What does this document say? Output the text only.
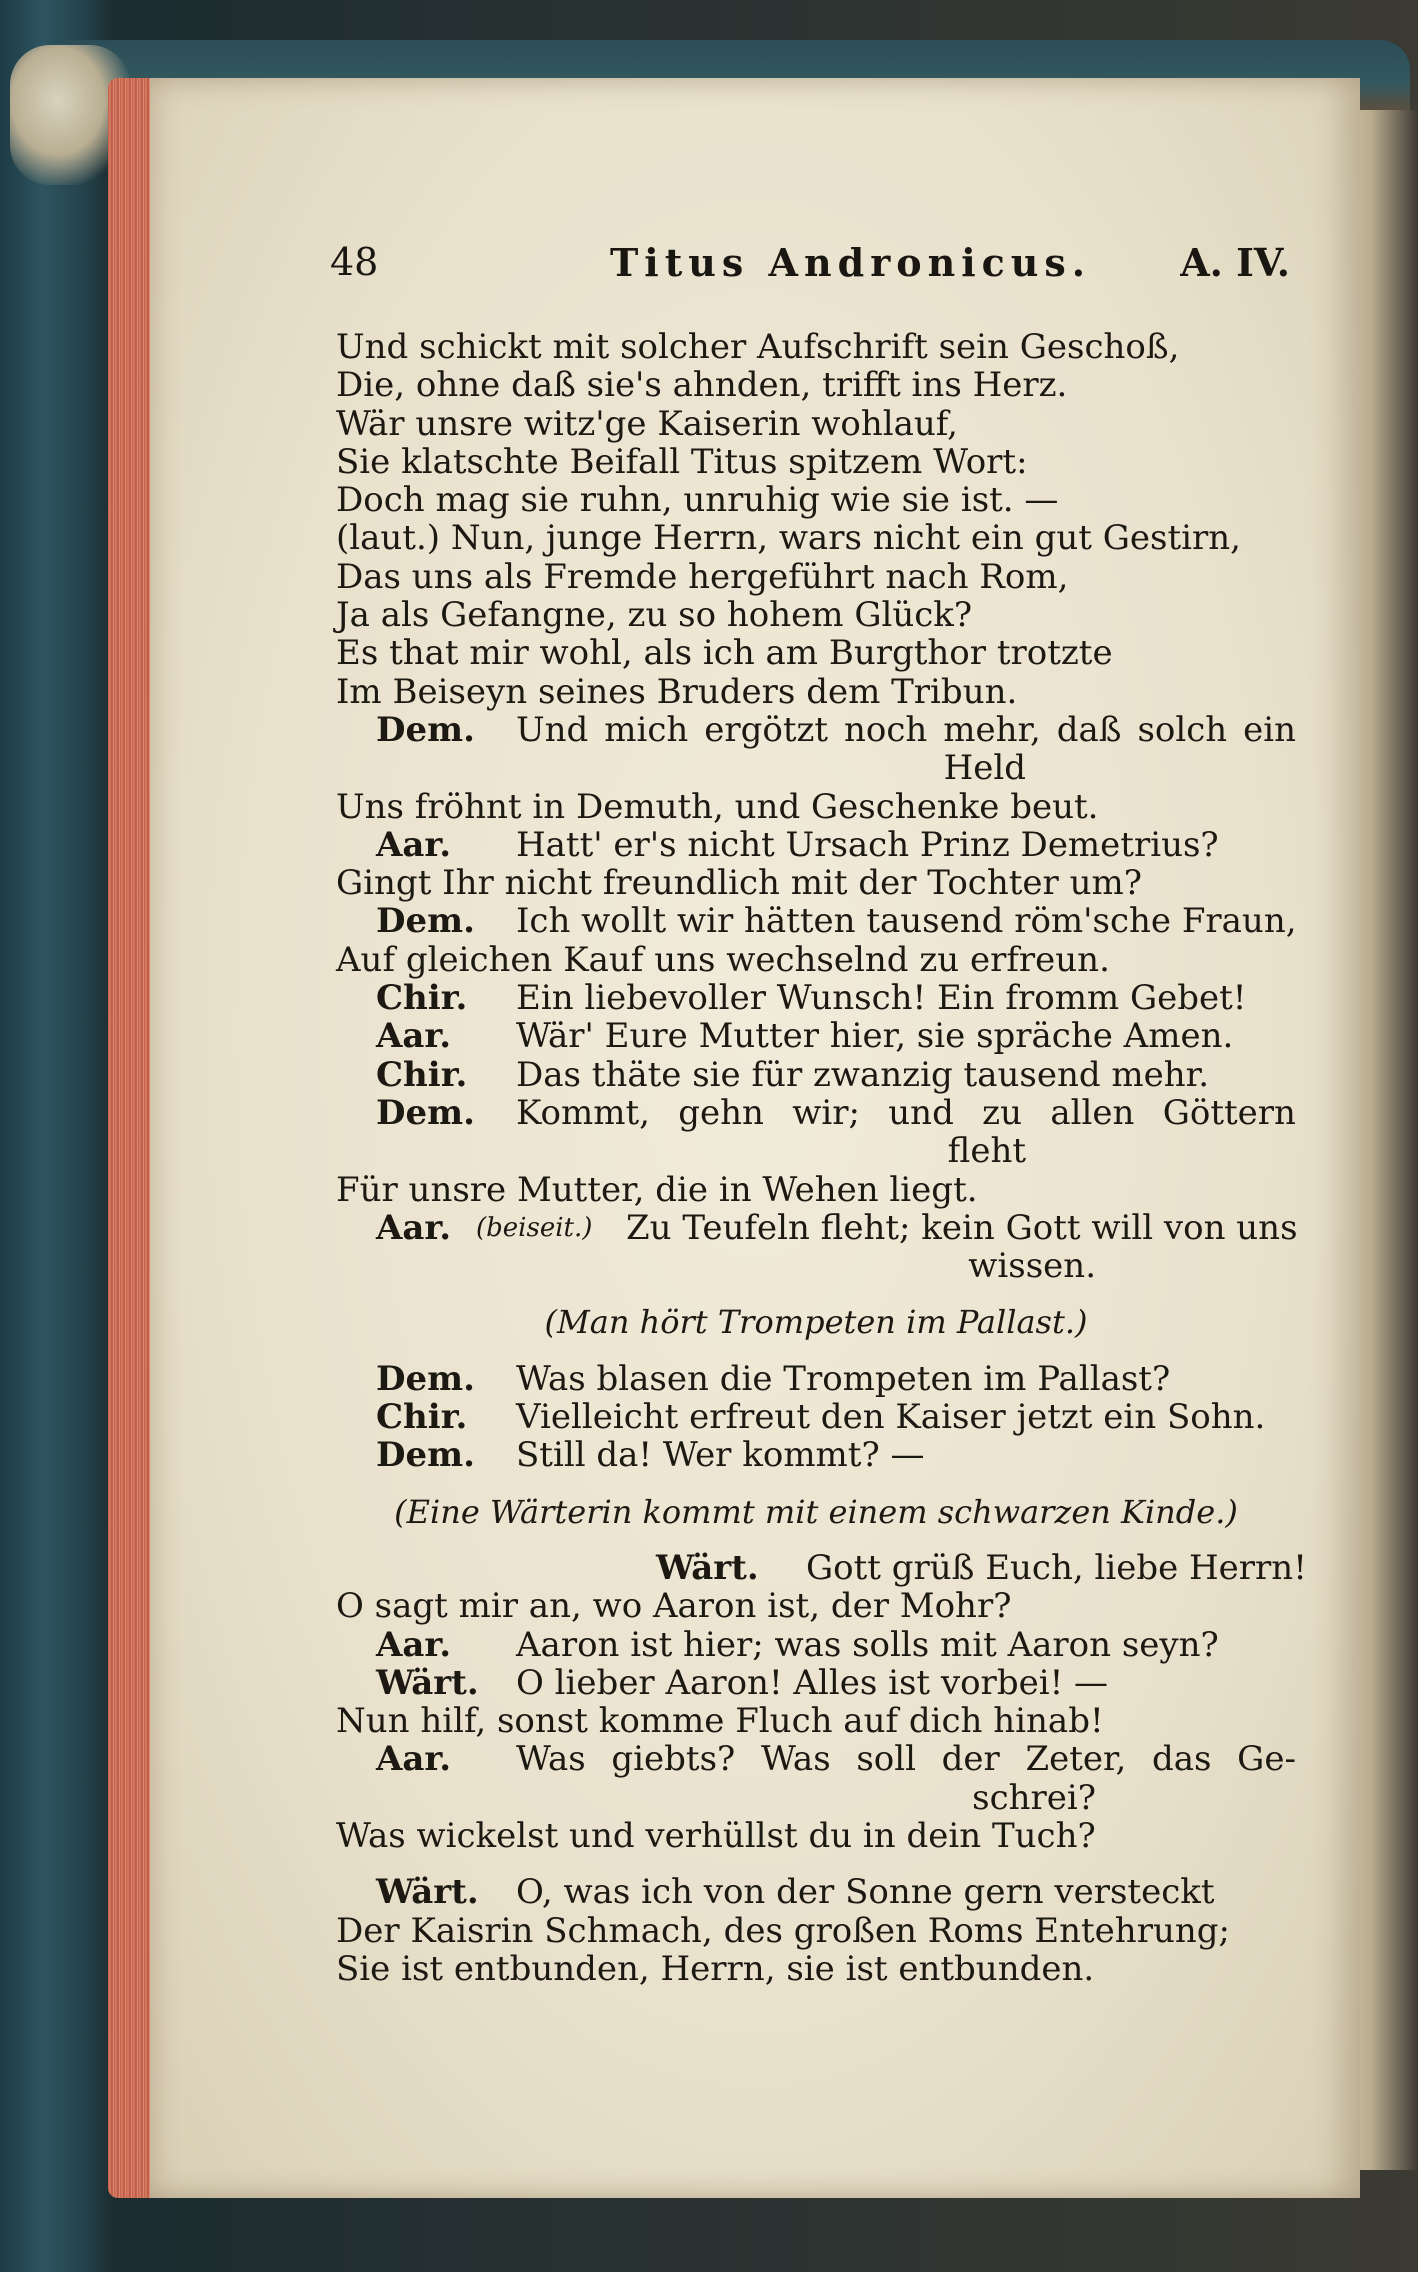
48	Titus Andronicus. A. IV.
Und schickt mit solcher Aufschrift sein Geschoß,
Die, ohne daß sie's ahnden, trifft ins Herz.
Wär unsre witz'ge Kaiserin wohlauf,
Sie klatschte Beifall Titus spitzem Wort:
Doch mag sie ruhn, unruhig wie sie ist. —
(laut.) Nun, junge Herrn, wars nicht ein gut Gestirn,
Das uns als Fremde hergeführt nach Rom,
Ja als Gefangne, zu so hohem Glück?
Es that mir wohl, als ich am Burgthor trotzte
Im Beiseyn seines Bruders dem Tribun.
Dem. Und mich ergötzt noch mehr, daß solch ein
Held
Uns fröhnt in Demuth, und Geschenke beut.
Aar. Hatt' er's nicht Ursach Prinz Demetrius?
Gingt Ihr nicht freundlich mit der Tochter um?
Dem. Ich wollt wir hätten tausend röm'sche Fraun,
Auf gleichen Kauf uns wechselnd zu erfreun.
Chir. Ein liebevoller Wunsch! Ein fromm Gebet!
Aar. Wär' Eure Mutter hier, sie spräche Amen.
Chir. Das thäte sie für zwanzig tausend mehr.
Dem. Kommt, gehn wir; und zu allen Göttern
fleht
Für unsre Mutter, die in Wehen liegt.
Aar. (beiseit.) Zu Teufeln fleht; kein Gott will von uns
wissen.
(Man hört Trompeten im Pallast.)
Dem. Was blasen die Trompeten im Pallast?
Chir. Vielleicht erfreut den Kaiser jetzt ein Sohn.
Dem. Still da! Wer kommt? —
(Eine Wärterin kommt mit einem schwarzen Kinde.)
Wärt. Gott grüß Euch, liebe Herrn!
O sagt mir an, wo Aaron ist, der Mohr?
Aar. Aaron ist hier; was solls mit Aaron seyn?
Wärt. O lieber Aaron! Alles ist vorbei! —
Nun hilf, sonst komme Fluch auf dich hinab!
Aar. Was giebts? Was soll der Zeter, das Ge-
schrei?
Was wickelst und verhüllst du in dein Tuch?
Wärt. O, was ich von der Sonne gern versteckt
Der Kaisrin Schmach, des großen Roms Entehrung;
Sie ist entbunden, Herrn, sie ist entbunden.
